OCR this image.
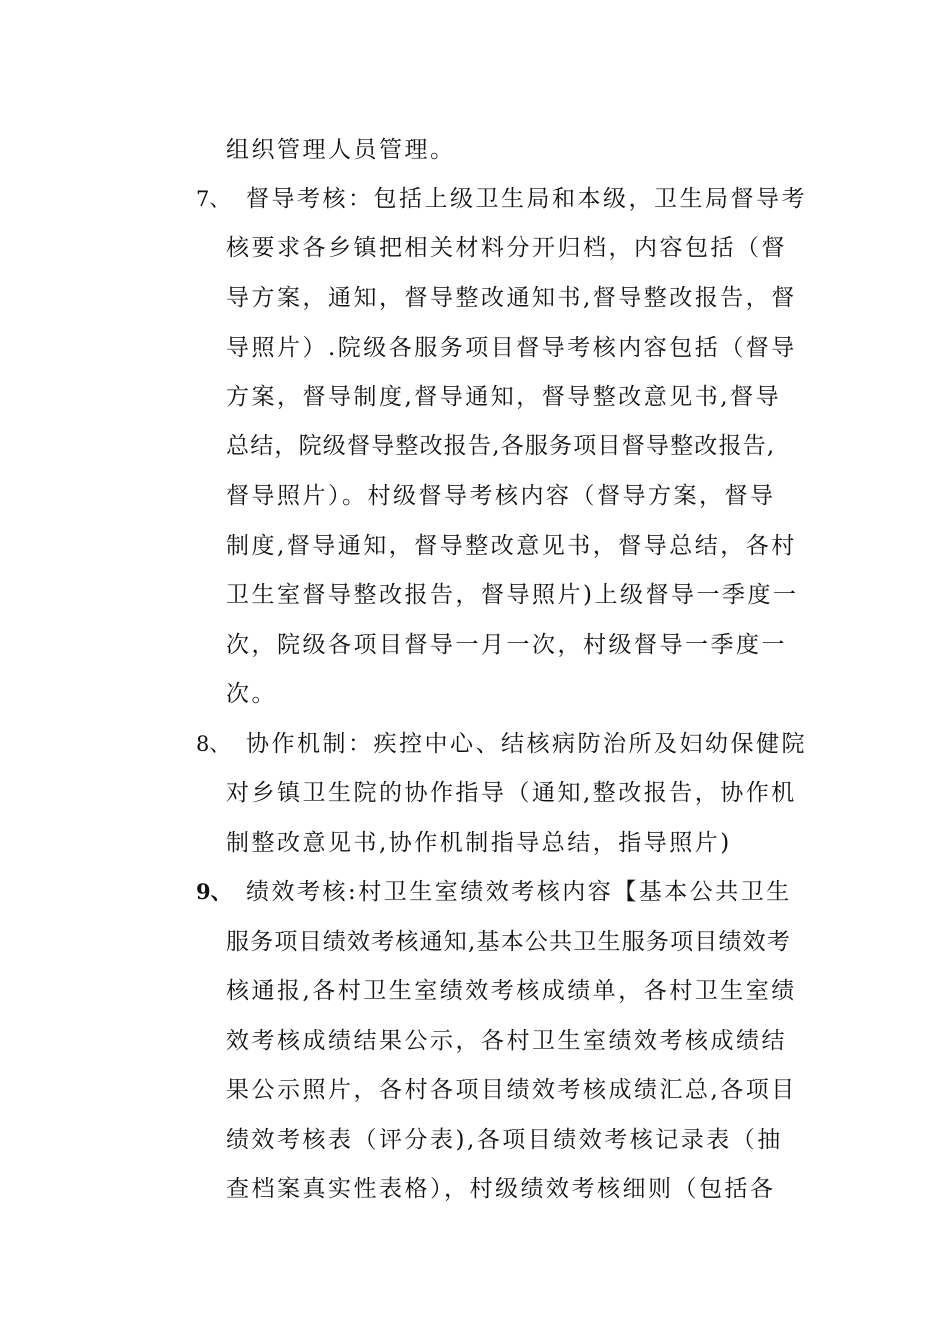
组织管理人员管理。
7、 督导考核：包括上级卫生局和本级，卫生局督导考
核要求各乡镇把相关材料分开归档，内容包括（督
导方案，通知，督导整改通知书,督导整改报告，督
导照片）.院级各服务项目督导考核内容包括（督导
方案，督导制度,督导通知，督导整改意见书,督导
总结，院级督导整改报告,各服务项目督导整改报告,
督导照片）。村级督导考核内容（督导方案，督导
制度,督导通知，督导整改意见书，督导总结，各村
卫生室督导整改报告，督导照片)上级督导一季度一
次，院级各项目督导一月一次，村级督导一季度一
次。
8、 协作机制：疾控中心、结核病防治所及妇幼保健院
对乡镇卫生院的协作指导（通知,整改报告，协作机
制整改意见书,协作机制指导总结，指导照片)
9、 绩效考核:村卫生室绩效考核内容【基本公共卫生
服务项目绩效考核通知,基本公共卫生服务项目绩效考
核通报,各村卫生室绩效考核成绩单，各村卫生室绩
效考核成绩结果公示，各村卫生室绩效考核成绩结
果公示照片，各村各项目绩效考核成绩汇总,各项目
绩效考核表（评分表),各项目绩效考核记录表（抽
查档案真实性表格），村级绩效考核细则（包括各
